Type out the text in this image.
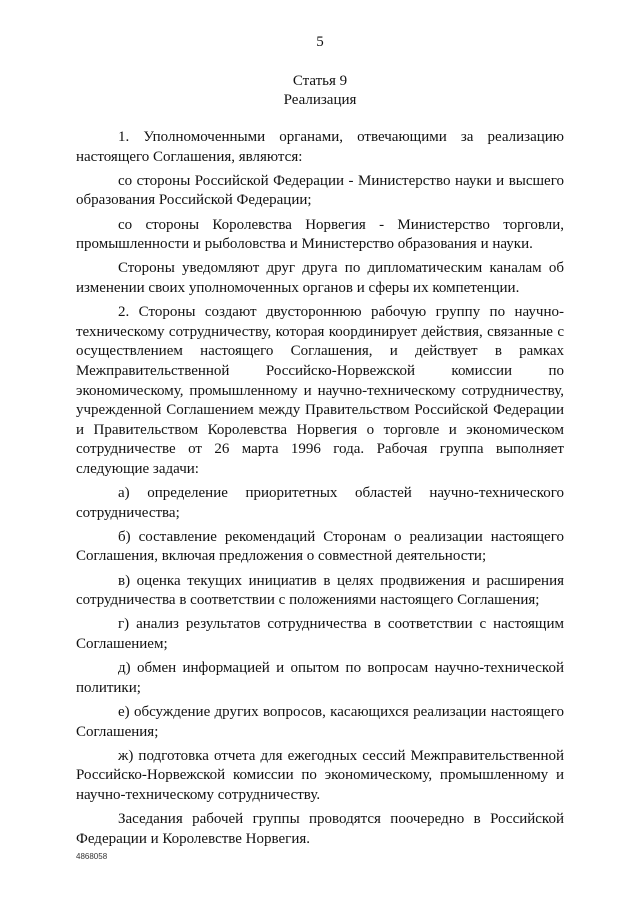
5
Статья 9
Реализация

1. Уполномоченными органами, отвечающими за реализацию настоящего Соглашения, являются:

со стороны Российской Федерации - Министерство науки и высшего образования Российской Федерации;

со стороны Королевства Норвегия - Министерство торговли, промышленности и рыболовства и Министерство образования и науки.

Стороны уведомляют друг друга по дипломатическим каналам об изменении своих уполномоченных органов и сферы их компетенции.

2. Стороны создают двустороннюю рабочую группу по научно-техническому сотрудничеству, которая координирует действия, связанные с осуществлением настоящего Соглашения, и действует в рамках Межправительственной Российско-Норвежской комиссии по экономическому, промышленному и научно-техническому сотрудничеству, учрежденной Соглашением между Правительством Российской Федерации и Правительством Королевства Норвегия о торговле и экономическом сотрудничестве от 26 марта 1996 года. Рабочая группа выполняет следующие задачи:

а) определение приоритетных областей научно-технического сотрудничества;

б) составление рекомендаций Сторонам о реализации настоящего Соглашения, включая предложения о совместной деятельности;

в) оценка текущих инициатив в целях продвижения и расширения сотрудничества в соответствии с положениями настоящего Соглашения;

г) анализ результатов сотрудничества в соответствии с настоящим Соглашением;

д) обмен информацией и опытом по вопросам научно-технической политики;

е) обсуждение других вопросов, касающихся реализации настоящего Соглашения;

ж) подготовка отчета для ежегодных сессий Межправительственной Российско-Норвежской комиссии по экономическому, промышленному и научно-техническому сотрудничеству.

Заседания рабочей группы проводятся поочередно в Российской Федерации и Королевстве Норвегия.

4868058
